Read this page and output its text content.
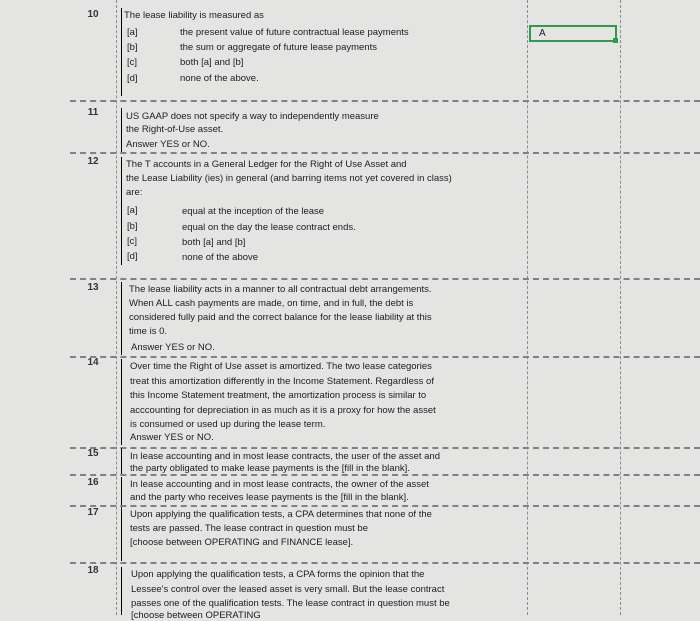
A
10	The lease liability is measured as
[a]	the present value of future contractual lease payments
[b]	the sum or aggregate of future lease payments
[c]	both [a] and [b]
[d]	none of the above.
11	US GAAP does not specify a way to independently measure
the Right-of-Use asset.
Answer YES or NO.
12	The T accounts in a General Ledger for the Right of Use Asset and
the Lease Liability (ies) in general (and barring items not yet covered in class)
are:
[a]	equal at the inception of the lease
[b]	equal on the day the lease contract ends.
[c]	both [a] and [b]
[d]	none of the above
13	The lease liability acts in a manner to all contractual debt arrangements.
When ALL cash payments are made, on time, and in full, the debt is
considered fully paid and the correct balance for the lease liability at this
time is 0.
Answer YES or NO.
14	Over time the Right of Use asset is amortized. The two lease categories
treat this amortization differently in the Income Statement. Regardless of
this Income Statement treatment, the amortization process is similar to
acccounting for depreciation in as much as it is a proxy for how the asset
is consumed or used up during the lease term.
Answer YES or NO.
15	In lease accounting and in most lease contracts, the user of the asset and
the party obligated to make lease payments is the [fill in the blank].
16	In lease accounting and in most lease contracts, the owner of the asset
and the party who receives lease payments is the [fill in the blank].
17	Upon applying the qualification tests, a CPA determines that none of the
tests are passed. The lease contract in question must be
[choose between OPERATING and FINANCE lease].
18	Upon applying the qualification tests, a CPA forms the opinion that the
Lessee's control over the leased asset is very small. But the lease contract
passes one of the qualification tests. The lease contract in question must be
[choose between OPERATING
